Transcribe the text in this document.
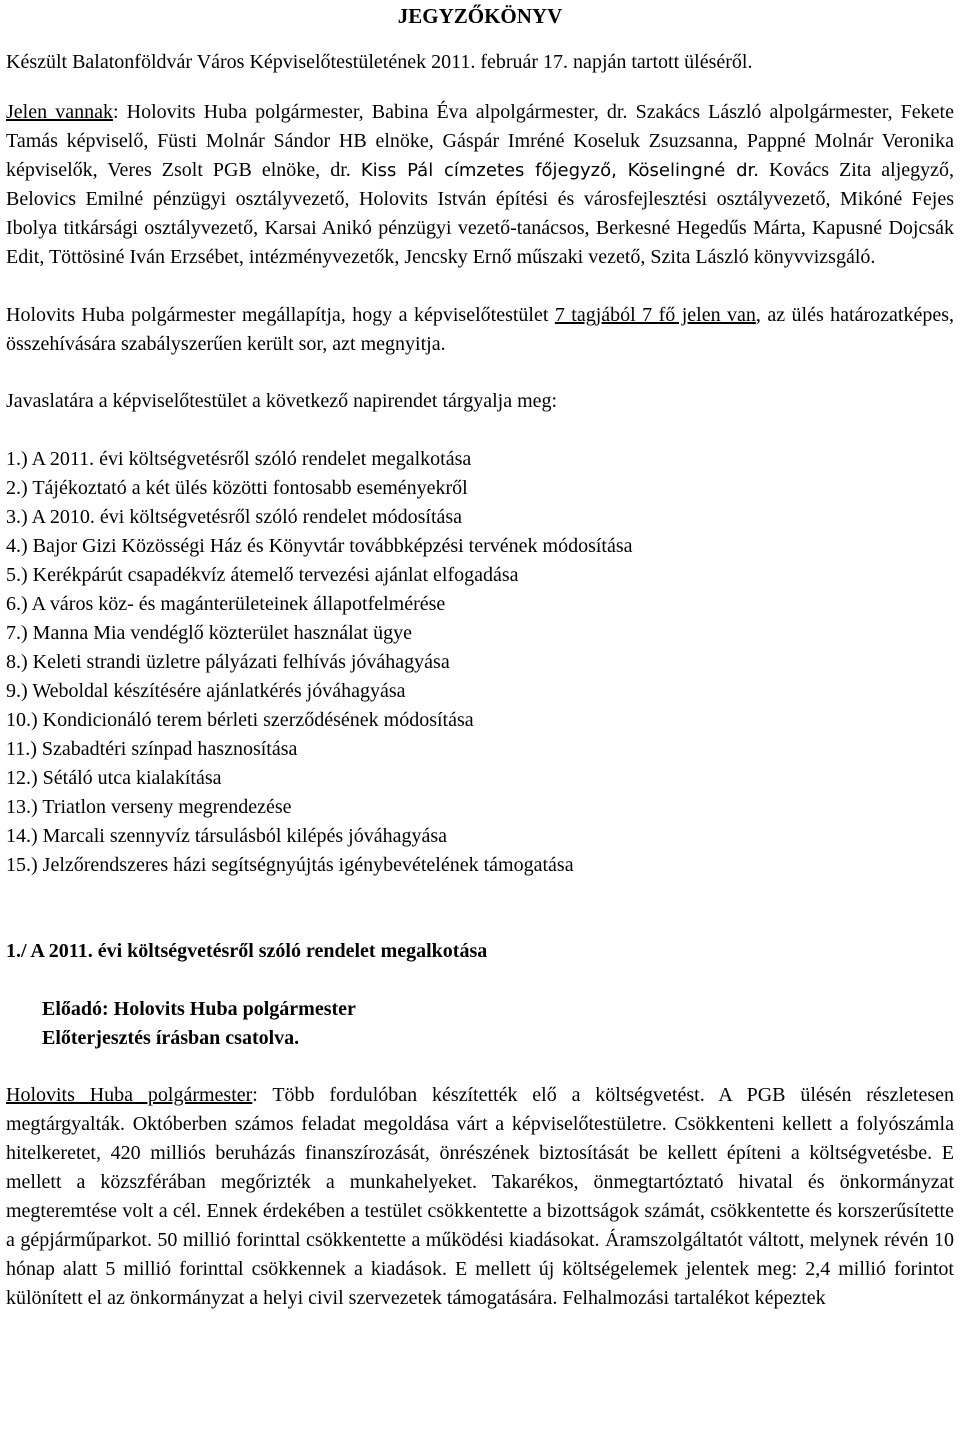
JEGYZŐKÖNYV

Készült Balatonföldvár Város Képviselőtestületének 2011. február 17. napján tartott üléséről.

Jelen vannak: Holovits Huba polgármester, Babina Éva alpolgármester, dr. Szakács László alpolgármester, Fekete Tamás képviselő, Füsti Molnár Sándor HB elnöke, Gáspár Imréné Koseluk Zsuzsanna, Pappné Molnár Veronika képviselők, Veres Zsolt PGB elnöke, dr. Kiss Pál címzetes főjegyző, Köselingné dr. Kovács Zita aljegyző, Belovics Emilné pénzügyi osztályvezető, Holovits István építési és városfejlesztési osztályvezető, Mikóné Fejes Ibolya titkársági osztályvezető, Karsai Anikó pénzügyi vezető-tanácsos, Berkesné Hegedűs Márta, Kapusné Dojcsák Edit, Töttösiné Iván Erzsébet, intézményvezetők, Jencsky Ernő műszaki vezető, Szita László könyvvizsgáló.

Holovits Huba polgármester megállapítja, hogy a képviselőtestület 7 tagjából 7 fő jelen van, az ülés határozatképes, összehívására szabályszerűen került sor, azt megnyitja.

Javaslatára a képviselőtestület a következő napirendet tárgyalja meg:

1.) A 2011. évi költségvetésről szóló rendelet megalkotása
2.) Tájékoztató a két ülés közötti fontosabb eseményekről
3.) A 2010. évi költségvetésről szóló rendelet módosítása
4.) Bajor Gizi Közösségi Ház és Könyvtár továbbképzési tervének módosítása
5.) Kerékpárút csapadékvíz átemelő tervezési ajánlat elfogadása
6.) A város köz- és magánterületeinek állapotfelmérése
7.) Manna Mia vendéglő közterület használat ügye
8.) Keleti strandi üzletre pályázati felhívás jóváhagyása
9.) Weboldal készítésére ajánlatkérés jóváhagyása
10.) Kondicionáló terem bérleti szerződésének módosítása
11.) Szabadtéri színpad hasznosítása
12.) Sétáló utca kialakítása
13.) Triatlon verseny megrendezése
14.) Marcali szennyvíz társulásból kilépés jóváhagyása
15.) Jelzőrendszeres házi segítségnyújtás igénybevételének támogatása

1./ A 2011. évi költségvetésről szóló rendelet megalkotása

Előadó: Holovits Huba polgármester

Előterjesztés írásban csatolva.

Holovits Huba polgármester: Több fordulóban készítették elő a költségvetést. A PGB ülésén részletesen megtárgyalták. Októberben számos feladat megoldása várt a képviselőtestületre. Csökkenteni kellett a folyószámla hitelkeretet, 420 milliós beruházás finanszírozását, önrészének biztosítását be kellett építeni a költségvetésbe. E mellett a közszférában megőrizték a munkahelyeket. Takarékos, önmegtartóztató hivatal és önkormányzat megteremtése volt a cél. Ennek érdekében a testület csökkentette a bizottságok számát, csökkentette és korszerűsítette a gépjárműparkot. 50 millió forinttal csökkentette a működési kiadásokat. Áramszolgáltatót váltott, melynek révén 10 hónap alatt 5 millió forinttal csökkennek a kiadások. E mellett új költségelemek jelentek meg: 2,4 millió forintot különített el az önkormányzat a helyi civil szervezetek támogatására. Felhalmozási tartalékot képeztek
